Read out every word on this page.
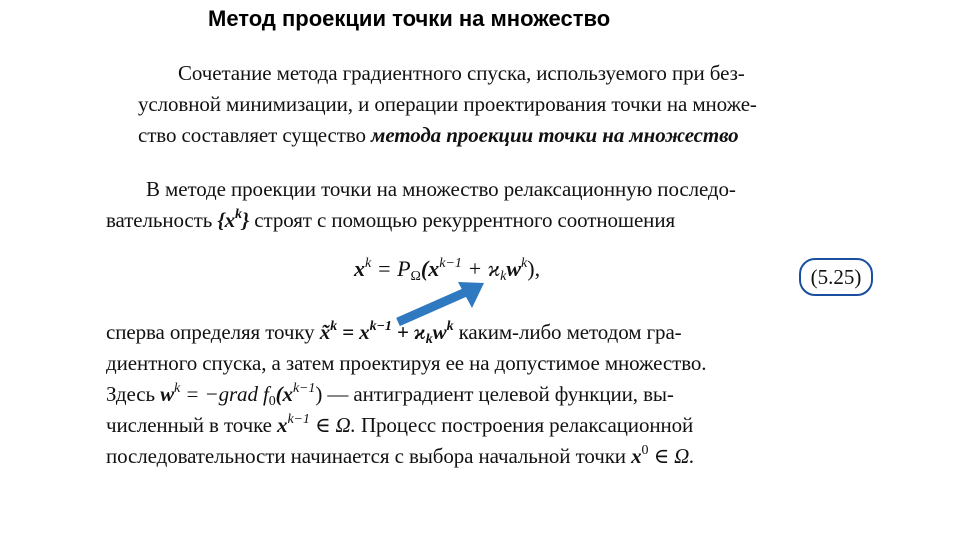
Метод проекции точки на множество
Сочетание метода градиентного спуска, используемого при без-
условной минимизации, и операции проектирования точки на множе-
ство составляет существо метода проекции точки на множество
В методе проекции точки на множество релаксационную последо-
вательность $\{x^k\}$ строят с помощью рекуррентного соотношения
$x^k = P_\Omega(x^{k-1} + ϰ_kw^k)$,	(5.25)
сперва определяя точку x̃$^k$ = $x^{k-1} + ϰ_kw^k$ каким-либо методом гра-
диентного спуска, а затем проектируя ее на допустимое множество.
Здесь $w^k$ = −grad $f_0(x^{k-1})$ — антиградиент целевой функции, вы-
численный в точке $x^{k-1}$ ∈ Ω. Процесс построения релаксационной
последовательности начинается с выбора начальной точки $x^0$ ∈ Ω.
